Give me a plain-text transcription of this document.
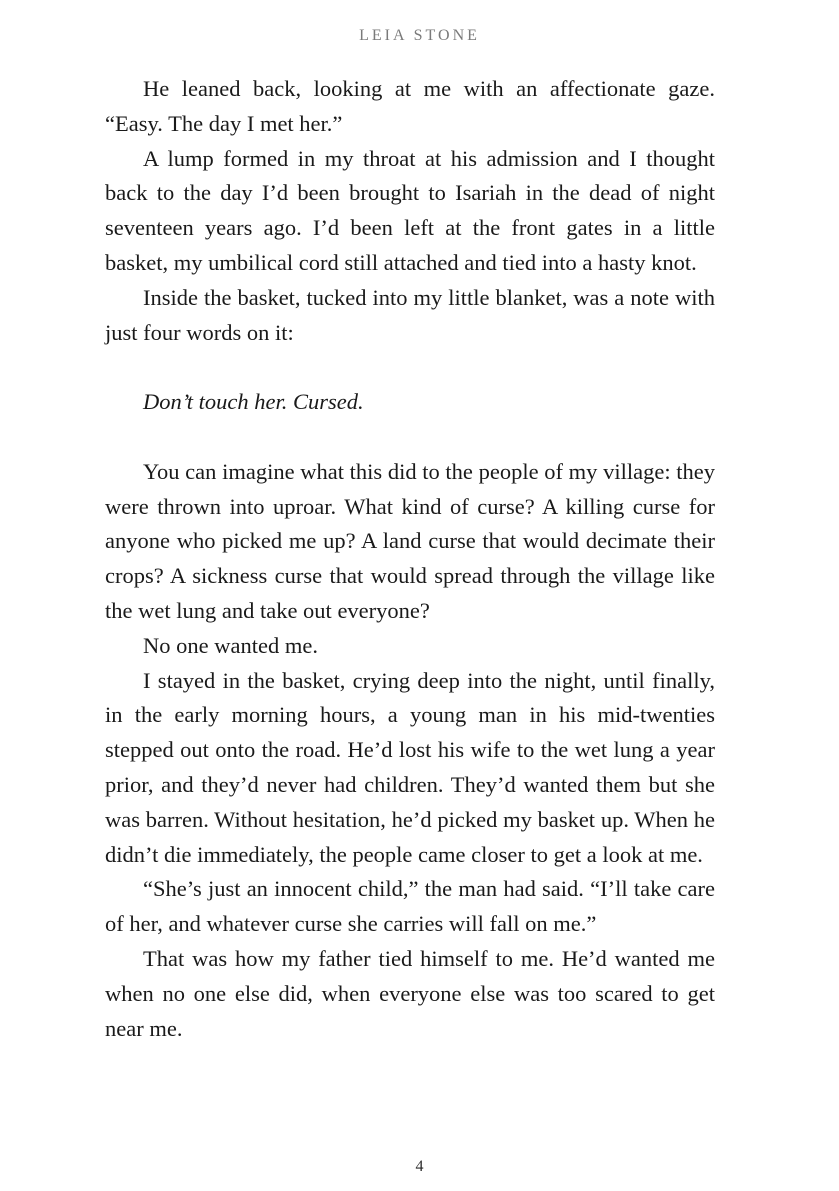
LEIA STONE

He leaned back, looking at me with an affectionate gaze. “Easy. The day I met her.”

A lump formed in my throat at his admission and I thought back to the day I’d been brought to Isariah in the dead of night seventeen years ago. I’d been left at the front gates in a little basket, my umbilical cord still attached and tied into a hasty knot.

Inside the basket, tucked into my little blanket, was a note with just four words on it:

Don’t touch her. Cursed.

You can imagine what this did to the people of my village: they were thrown into uproar. What kind of curse? A killing curse for anyone who picked me up? A land curse that would decimate their crops? A sickness curse that would spread through the village like the wet lung and take out everyone?

No one wanted me.

I stayed in the basket, crying deep into the night, until finally, in the early morning hours, a young man in his mid-twenties stepped out onto the road. He’d lost his wife to the wet lung a year prior, and they’d never had children. They’d wanted them but she was barren. Without hesitation, he’d picked my basket up. When he didn’t die immediately, the people came closer to get a look at me.

“She’s just an innocent child,” the man had said. “I’ll take care of her, and whatever curse she carries will fall on me.”

That was how my father tied himself to me. He’d wanted me when no one else did, when everyone else was too scared to get near me.

4
